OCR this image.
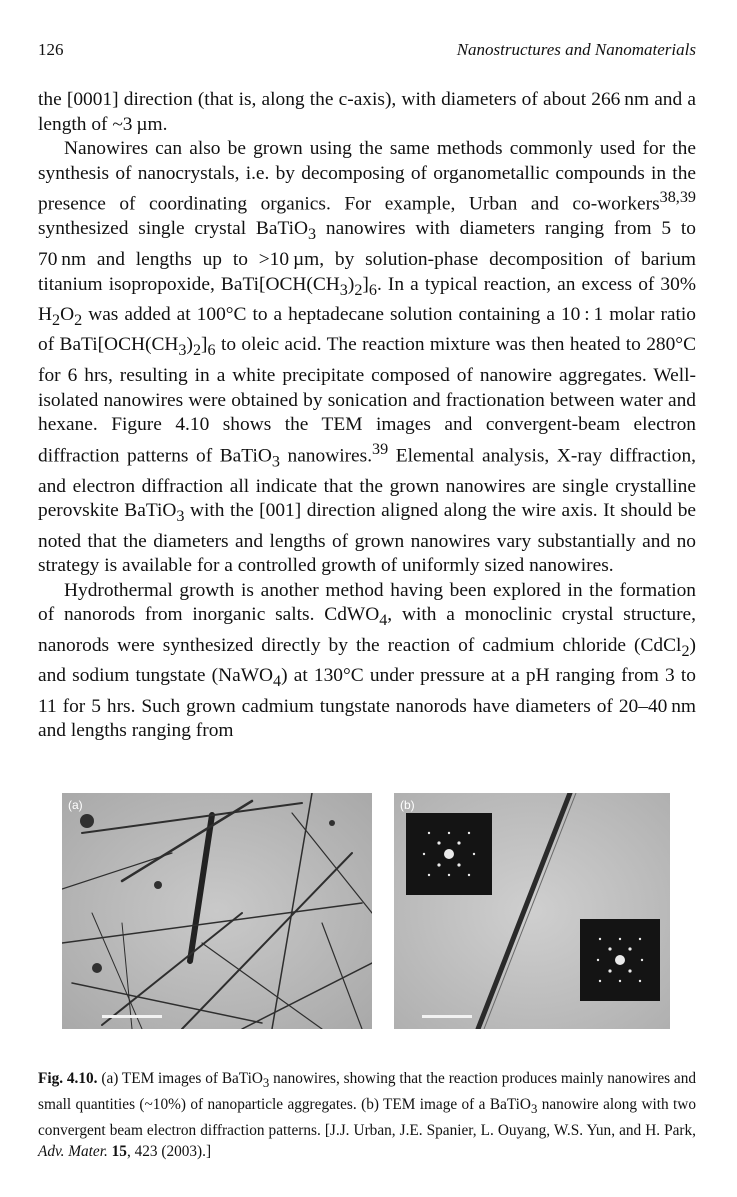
126	Nanostructures and Nanomaterials

the [0001] direction (that is, along the c-axis), with diameters of about 266 nm and a length of ~3 µm.

Nanowires can also be grown using the same methods commonly used for the synthesis of nanocrystals, i.e. by decomposing of organometallic compounds in the presence of coordinating organics. For example, Urban and co-workers$^{38,39}$ synthesized single crystal BaTiO$_3$ nanowires with diameters ranging from 5 to 70 nm and lengths up to >10 µm, by solution-phase decomposition of barium titanium isopropoxide, $BaTi[OCH(CH_3)_2]_6$. In a typical reaction, an excess of 30% $H_2O_2$ was added at 100°C to a heptadecane solution containing a 10 : 1 molar ratio of $BaTi[OCH(CH_3)_2]_6$ to oleic acid. The reaction mixture was then heated to 280°C for 6 hrs, resulting in a white precipitate composed of nanowire aggregates. Well-isolated nanowires were obtained by sonication and fractionation between water and hexane. Figure 4.10 shows the TEM images and convergent-beam electron diffraction patterns of BaTiO$_3$ nanowires.$^{39}$ Elemental analysis, X-ray diffraction, and electron diffraction all indicate that the grown nanowires are single crystalline perovskite BaTiO$_3$ with the [001] direction aligned along the wire axis. It should be noted that the diameters and lengths of grown nanowires vary substantially and no strategy is available for a controlled growth of uniformly sized nanowires.

Hydrothermal growth is another method having been explored in the formation of nanorods from inorganic salts. CdWO$_4$, with a monoclinic crystal structure, nanorods were synthesized directly by the reaction of cadmium chloride (CdCl$_2$) and sodium tungstate (NaWO$_4$) at 130°C under pressure at a pH ranging from 3 to 11 for 5 hrs. Such grown cadmium tungstate nanorods have diameters of 20–40 nm and lengths ranging from

(a)	(b)
Fig. 4.10. (a) TEM images of BaTiO$_3$ nanowires, showing that the reaction produces mainly nanowires and small quantities (~10%) of nanoparticle aggregates. (b) TEM image of a BaTiO$_3$ nanowire along with two convergent beam electron diffraction patterns. [J.J. Urban, J.E. Spanier, L. Ouyang, W.S. Yun, and H. Park, Adv. Mater. 15, 423 (2003).]
